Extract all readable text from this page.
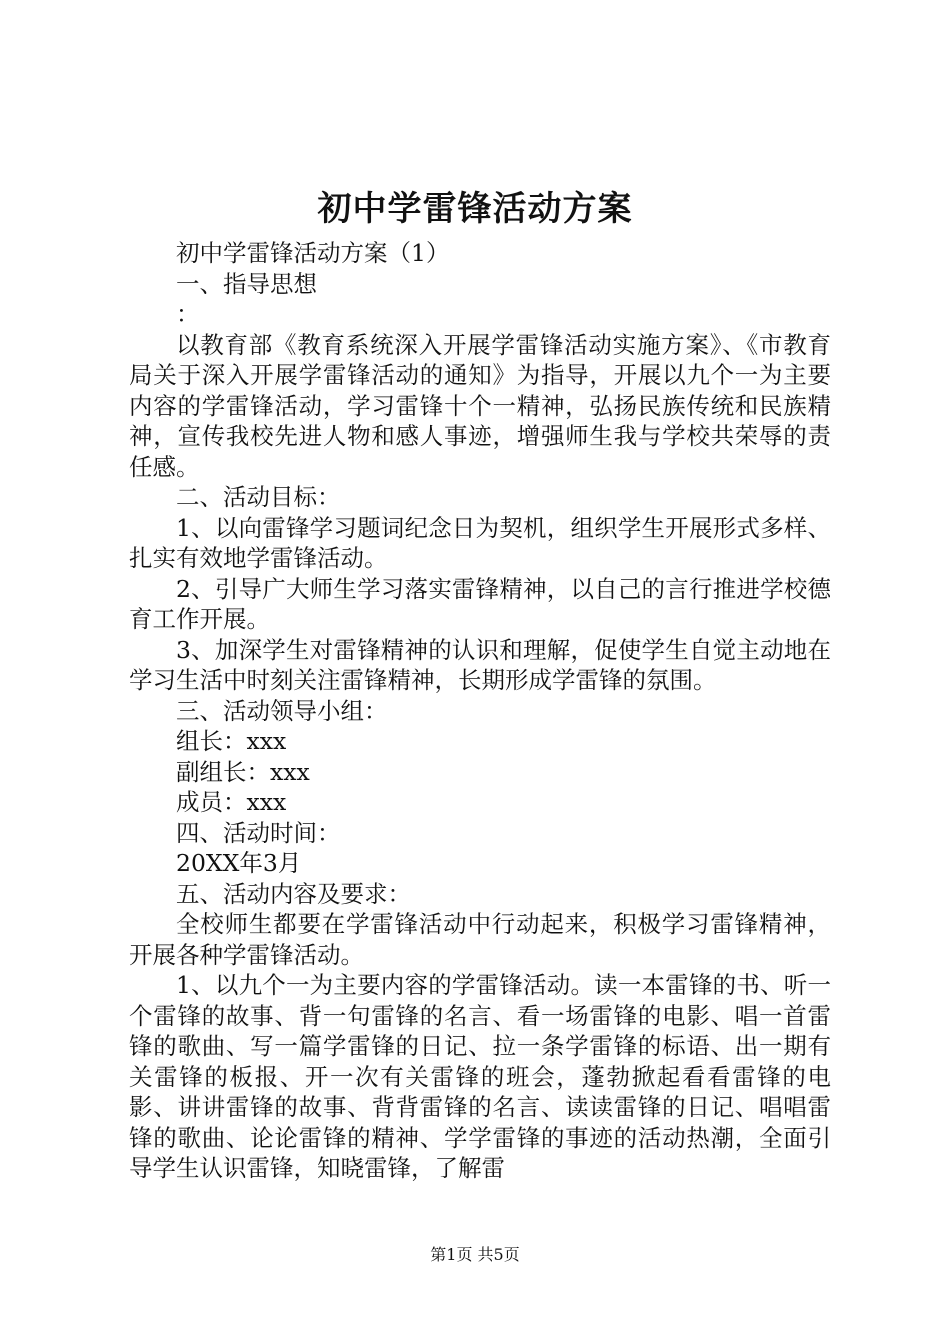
初中学雷锋活动方案

初中学雷锋活动方案（1）

一、指导思想

：

以教育部《教育系统深入开展学雷锋活动实施方案》、《市教育局关于深入开展学雷锋活动的通知》为指导，开展以九个一为主要内容的学雷锋活动，学习雷锋十个一精神，弘扬民族传统和民族精神，宣传我校先进人物和感人事迹，增强师生我与学校共荣辱的责任感。

二、活动目标：

1、以向雷锋学习题词纪念日为契机，组织学生开展形式多样、扎实有效地学雷锋活动。

2、引导广大师生学习落实雷锋精神，以自己的言行推进学校德育工作开展。

3、加深学生对雷锋精神的认识和理解，促使学生自觉主动地在学习生活中时刻关注雷锋精神，长期形成学雷锋的氛围。

三、活动领导小组：

组长：xxx

副组长：xxx

成员：xxx

四、活动时间：

20XX年3月

五、活动内容及要求：

全校师生都要在学雷锋活动中行动起来，积极学习雷锋精神，开展各种学雷锋活动。

1、以九个一为主要内容的学雷锋活动。读一本雷锋的书、听一个雷锋的故事、背一句雷锋的名言、看一场雷锋的电影、唱一首雷锋的歌曲、写一篇学雷锋的日记、拉一条学雷锋的标语、出一期有关雷锋的板报、开一次有关雷锋的班会，蓬勃掀起看看雷锋的电影、讲讲雷锋的故事、背背雷锋的名言、读读雷锋的日记、唱唱雷锋的歌曲、论论雷锋的精神、学学雷锋的事迹的活动热潮，全面引导学生认识雷锋，知晓雷锋，了解雷

第1页 共5页
